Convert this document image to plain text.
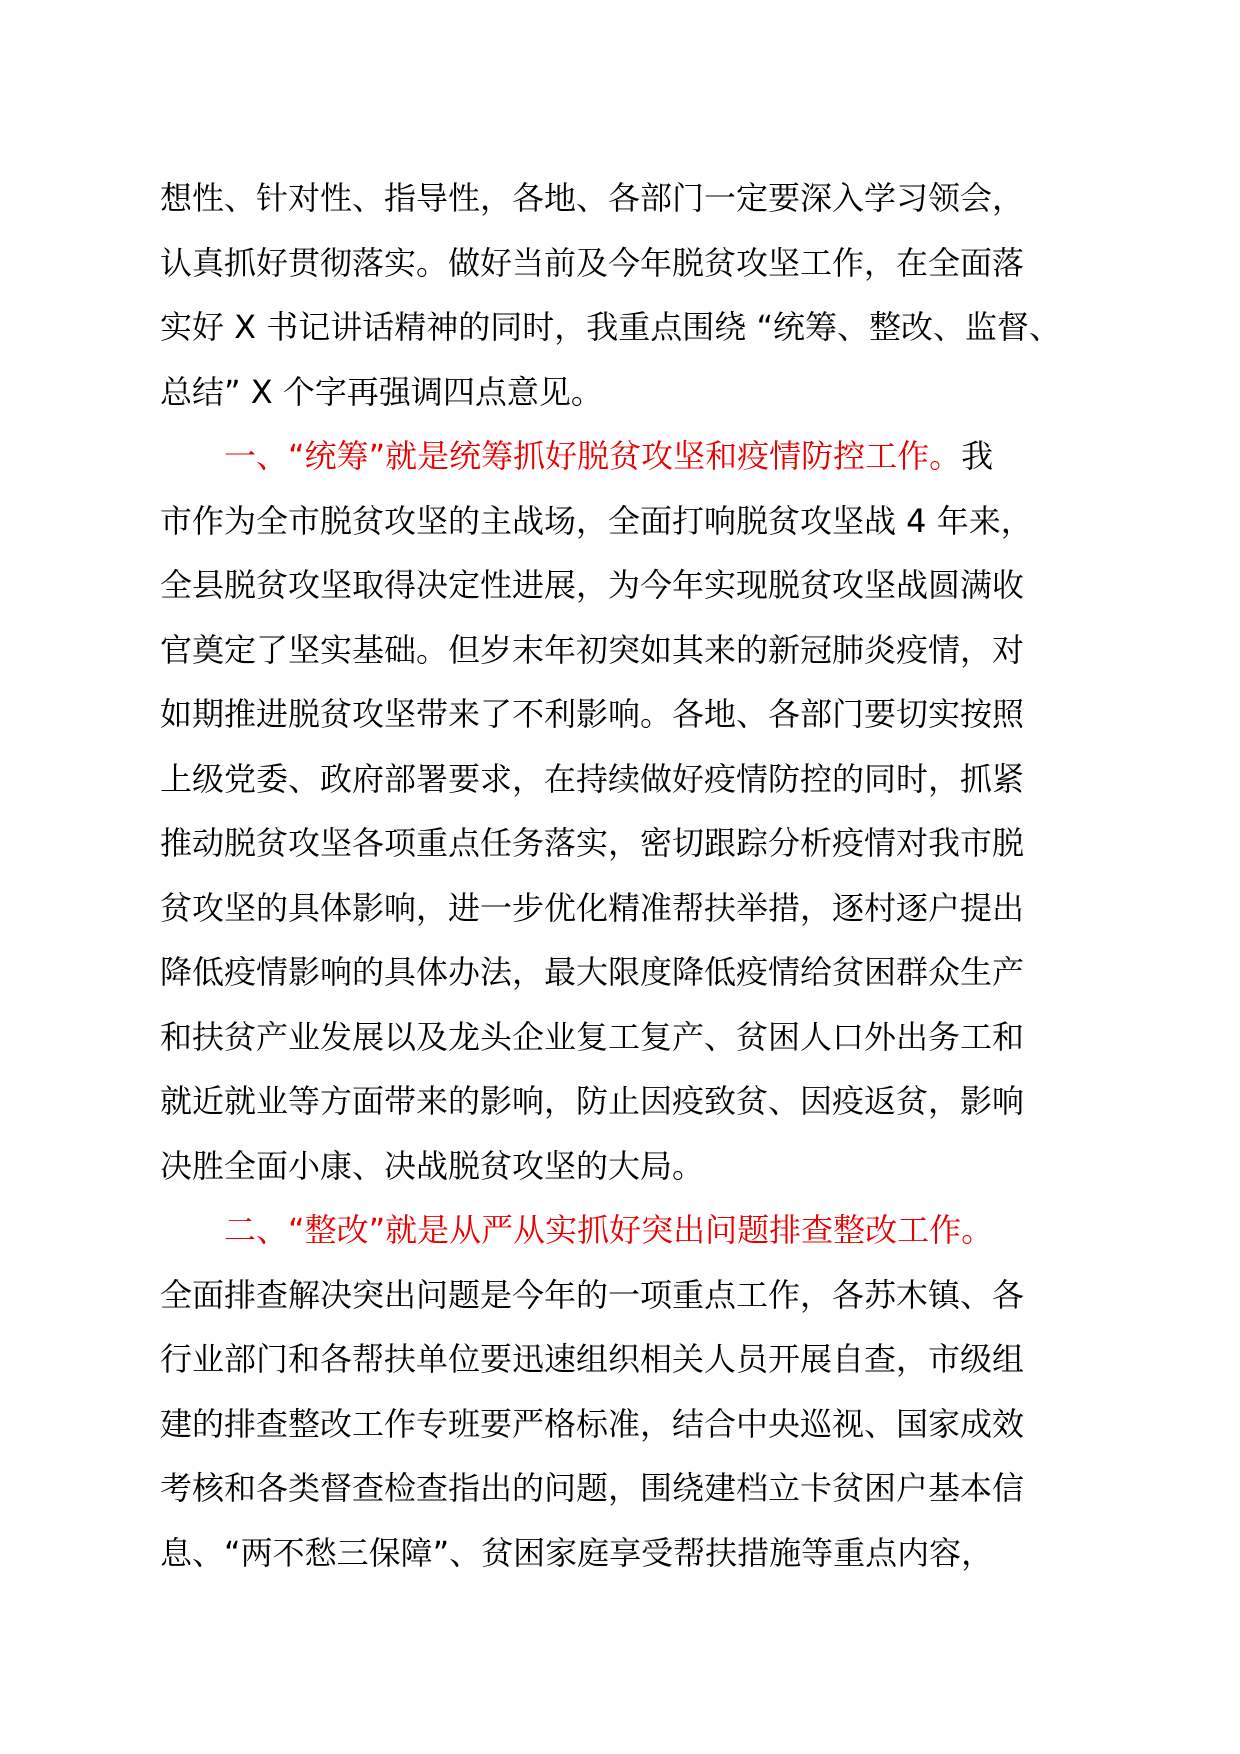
想性、针对性、指导性，各地、各部门一定要深入学习领会，
认真抓好贯彻落实。做好当前及今年脱贫攻坚工作，在全面落
实好 X 书记讲话精神的同时，我重点围绕 “统筹、整改、监督、
总结” X 个字再强调四点意见。
一、“统筹”就是统筹抓好脱贫攻坚和疫情防控工作。我
市作为全市脱贫攻坚的主战场，全面打响脱贫攻坚战 4 年来，
全县脱贫攻坚取得决定性进展，为今年实现脱贫攻坚战圆满收
官奠定了坚实基础。但岁末年初突如其来的新冠肺炎疫情，对
如期推进脱贫攻坚带来了不利影响。各地、各部门要切实按照
上级党委、政府部署要求，在持续做好疫情防控的同时，抓紧
推动脱贫攻坚各项重点任务落实，密切跟踪分析疫情对我市脱
贫攻坚的具体影响，进一步优化精准帮扶举措，逐村逐户提出
降低疫情影响的具体办法，最大限度降低疫情给贫困群众生产
和扶贫产业发展以及龙头企业复工复产、贫困人口外出务工和
就近就业等方面带来的影响，防止因疫致贫、因疫返贫，影响
决胜全面小康、决战脱贫攻坚的大局。
二、“整改”就是从严从实抓好突出问题排查整改工作。
全面排查解决突出问题是今年的一项重点工作，各苏木镇、各
行业部门和各帮扶单位要迅速组织相关人员开展自查，市级组
建的排查整改工作专班要严格标准，结合中央巡视、国家成效
考核和各类督查检查指出的问题，围绕建档立卡贫困户基本信
息、“两不愁三保障”、贫困家庭享受帮扶措施等重点内容，
